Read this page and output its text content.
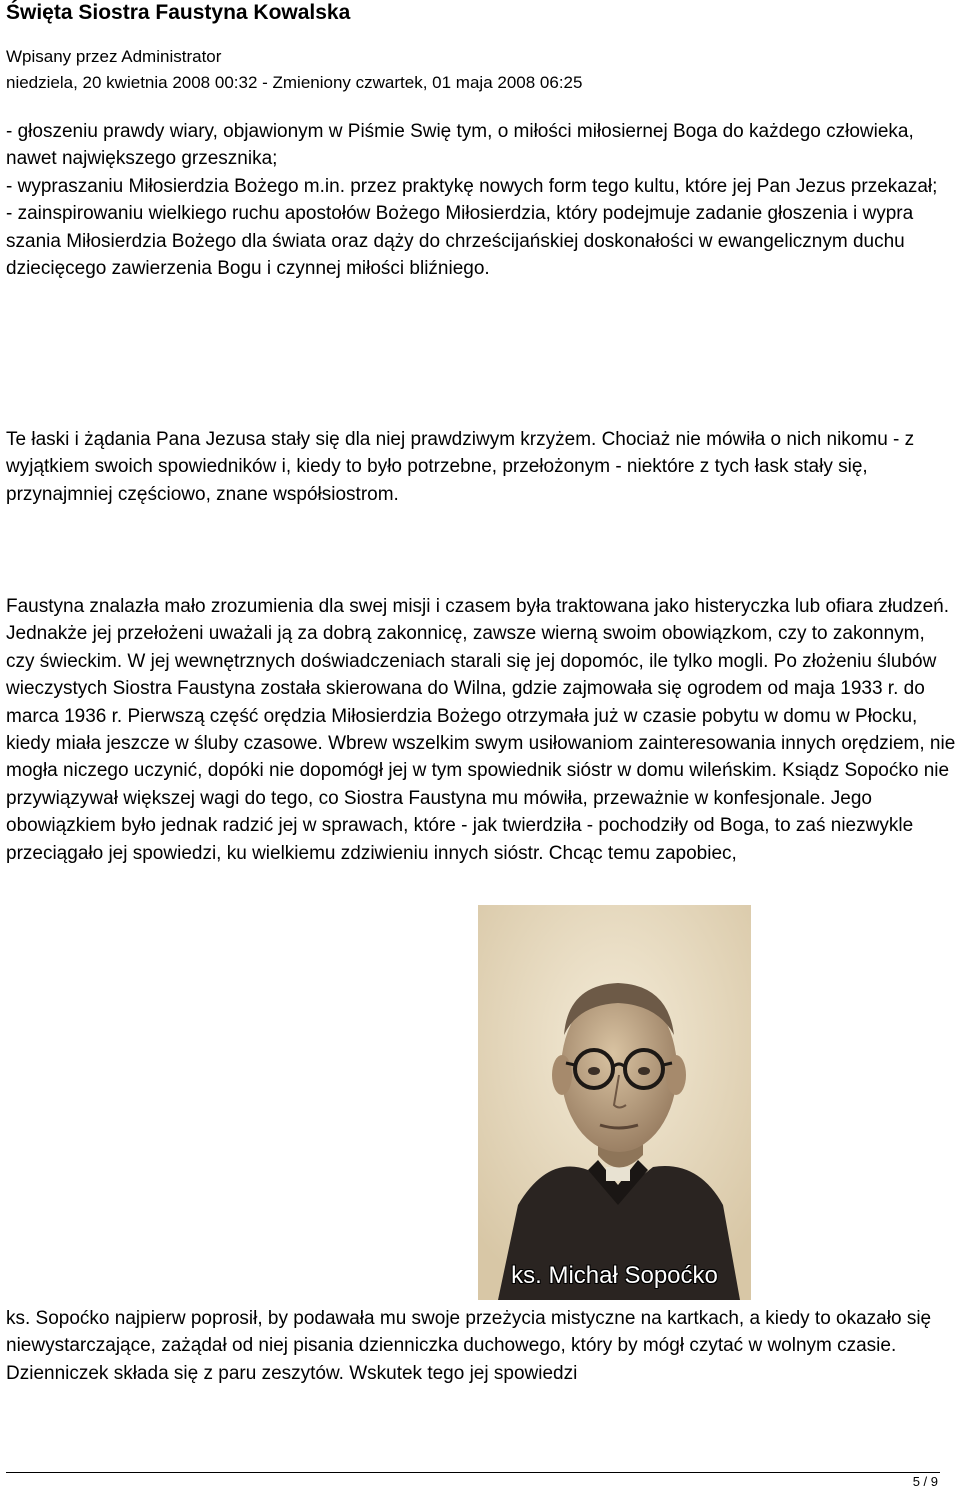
Święta Siostra Faustyna Kowalska
Wpisany przez Administrator
niedziela, 20 kwietnia 2008 00:32 - Zmieniony czwartek, 01 maja 2008 06:25

- głoszeniu prawdy wiary, objawionym w Piśmie Swię tym, o miłości miłosiernej Boga do każdego człowieka, nawet największego grzesznika;
- wypraszaniu Miłosierdzia Bożego m.in. przez praktykę nowych form tego kultu, które jej Pan Jezus przekazał;
- zainspirowaniu wielkiego ruchu apostołów Bożego Miłosierdzia, który podejmuje zadanie głoszenia i wypra szania Miłosierdzia Bożego dla świata oraz dąży do chrześcijańskiej doskonałości w ewangelicznym duchu dziecięcego zawierzenia Bogu i czynnej miłości bliźniego.

Te łaski i żądania Pana Jezusa stały się dla niej prawdziwym krzyżem. Chociaż nie mówiła o nich nikomu - z wyjątkiem swoich spowiedników i, kiedy to było potrzebne, przełożonym - niektóre z tych łask stały się, przynajmniej częściowo, znane współsiostrom.

Faustyna znalazła mało zrozumienia dla swej misji i czasem była traktowana jako histeryczka lub ofiara złudzeń. Jednakże jej przełożeni uważali ją za dobrą zakonnicę, zawsze wierną swoim obowiązkom, czy to zakonnym, czy świeckim. W jej wewnętrznych doświadczeniach starali się jej dopomóc, ile tylko mogli. Po złożeniu ślubów wieczystych Siostra Faustyna została skierowana do Wilna, gdzie zajmowała się ogrodem od maja 1933 r. do marca 1936 r. Pierwszą część orędzia Miłosierdzia Bożego otrzymała już w czasie pobytu w domu w Płocku, kiedy miała jeszcze w śluby czasowe. Wbrew wszelkim swym usiłowaniom zainteresowania innych orędziem, nie mogła niczego uczynić, dopóki nie dopomógł jej w tym spowiednik sióstr w domu wileńskim. Ksiądz Sopoćko nie przywiązywał większej wagi do tego, co Siostra Faustyna mu mówiła, przeważnie w konfesjonale. Jego obowiązkiem było jednak radzić jej w sprawach, które - jak twierdziła - pochodziły od Boga, to zaś niezwykle przeciągało jej spowiedzi, ku wielkiemu zdziwieniu innych sióstr. Chcąc temu zapobiec,

ks. Michał Sopoćko

ks. Sopoćko najpierw poprosił, by podawała mu swoje przeżycia mistyczne na kartkach, a kiedy to okazało się niewystarczające, zażądał od niej pisania dzienniczka duchowego, który by mógł czytać w wolnym czasie. Dzienniczek składa się z paru zeszytów. Wskutek tego jej spowiedzi

5 / 9
